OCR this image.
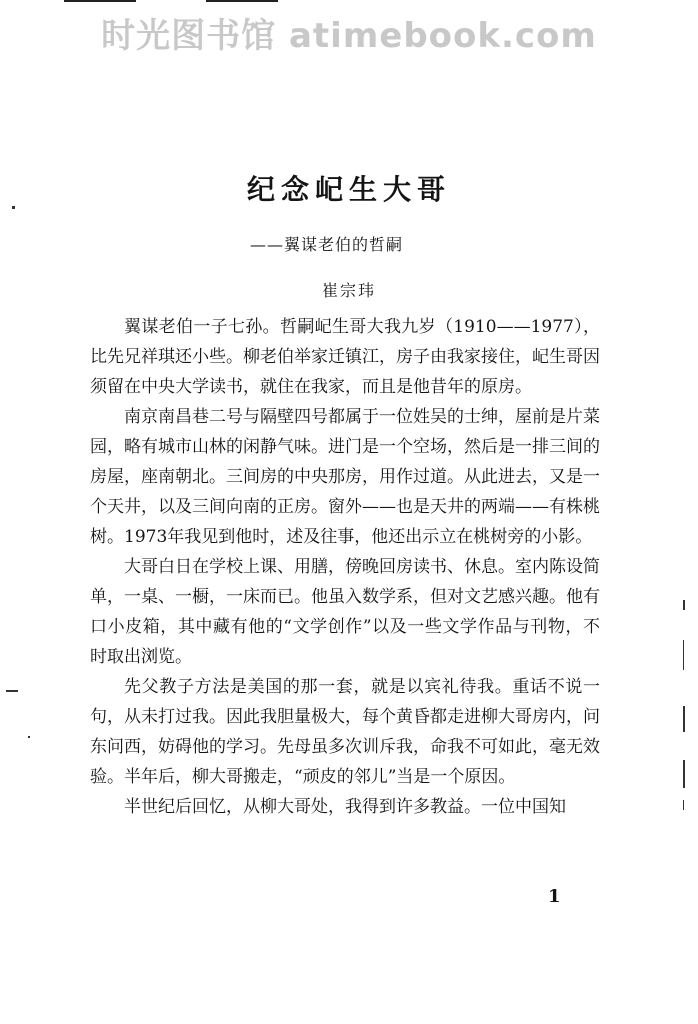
时光图书馆 atimebook.com
纪念屺生大哥
——翼谋老伯的哲嗣
崔宗玮

翼谋老伯一子七孙。哲嗣屺生哥大我九岁（1910——1977），比先兄祥琪还小些。柳老伯举家迁镇江，房子由我家接住，屺生哥因须留在中央大学读书，就住在我家，而且是他昔年的原房。

南京南昌巷二号与隔壁四号都属于一位姓吴的士绅，屋前是片菜园，略有城市山林的闲静气味。进门是一个空场，然后是一排三间的房屋，座南朝北。三间房的中央那房，用作过道。从此进去，又是一个天井，以及三间向南的正房。窗外——也是天井的两端——有株桃树。1973年我见到他时，述及往事，他还出示立在桃树旁的小影。

大哥白日在学校上课、用膳，傍晚回房读书、休息。室内陈设简单，一桌、一橱，一床而已。他虽入数学系，但对文艺感兴趣。他有口小皮箱，其中藏有他的“文学创作”以及一些文学作品与刊物，不时取出浏览。

先父教子方法是美国的那一套，就是以宾礼待我。重话不说一句，从未打过我。因此我胆量极大，每个黄昏都走进柳大哥房内，问东问西，妨碍他的学习。先母虽多次训斥我，命我不可如此，毫无效验。半年后，柳大哥搬走，“顽皮的邻儿”当是一个原因。

半世纪后回忆，从柳大哥处，我得到许多教益。一位中国知

1
